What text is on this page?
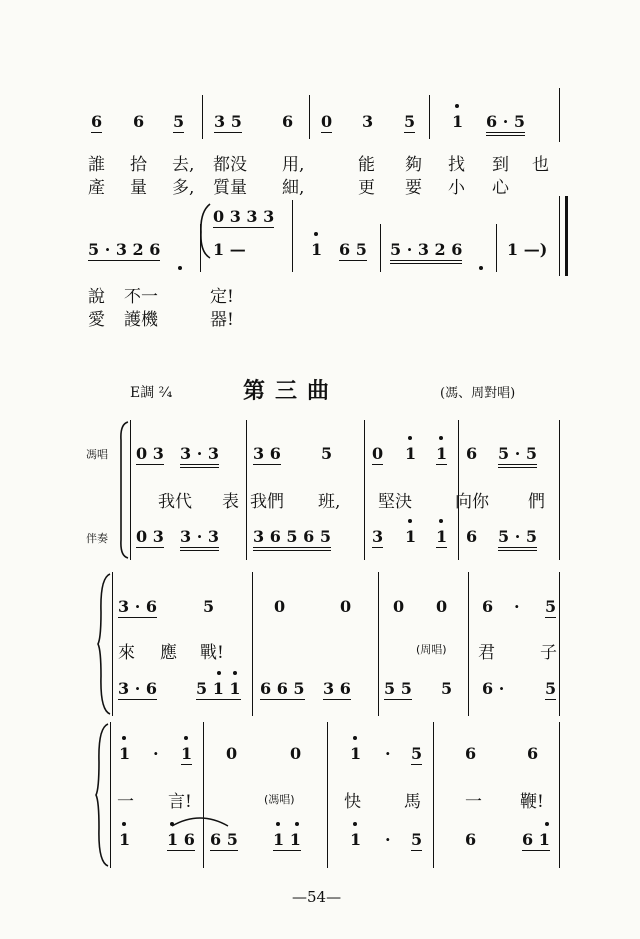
6 6 5 3 5	6 0 3 5 1 6 · 5
誰 拾 去, 都没 用,	能 夠 找 到 也
產 量 多, 質量 細,	更 要 小 心
0 3 3 3
5 · 3 2 6	1 —	1 6 5 5 · 3 2 6	1 —)
說 不一	定!
愛 護機	器!
E調 ²⁄₄	第三曲	(馮、周對唱)
馮唱
伴奏
0 3 3 · 3 3 6	5 0 1 1 6 5 · 5
我代 表 我們 班, 堅決	向你 們
0 3 3 · 3 3 6 5 6 5	3 1 1 6 5 · 5
3 · 6	5	0	0	0 0 6 · 5
來 應 戰!	(周唱) 君	子
3 · 6 5 1 1 6 6 5 3 6 5 5 5 6 ·	5
1 · 1 0	0	1 · 5	6	6
一 言!	(馮唱)	快	馬	一 鞭!
1 1 6 6 5 1 1	1 · 5	6	6 1
—54—
